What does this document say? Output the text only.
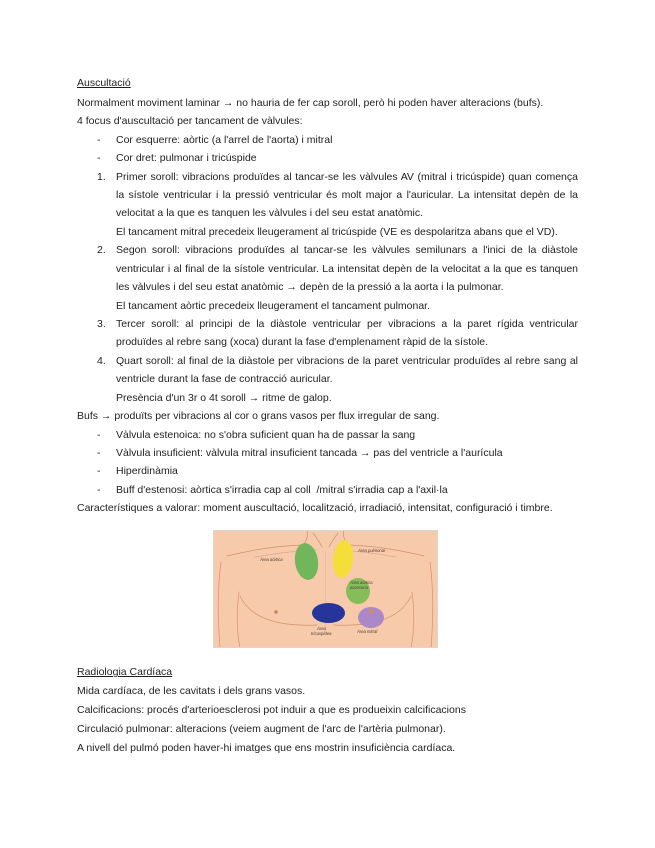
Auscultació
Normalment moviment laminar → no hauria de fer cap soroll, però hi poden haver alteracions (bufs).
4 focus d'auscultació per tancament de vàlvules:
-	Cor esquerre: aòrtic (a l'arrel de l'aorta) i mitral
-	Cor dret: pulmonar i tricúspide
1. Primer soroll: vibracions produïdes al tancar-se les vàlvules AV (mitral i tricúspide) quan comença
la sístole ventricular i la pressió ventricular és molt major a l'auricular. La intensitat depèn de la
velocitat a la que es tanquen les vàlvules i del seu estat anatòmic.
El tancament mitral precedeix lleugerament al tricúspide (VE es despolaritza abans que el VD).
2. Segon soroll: vibracions produïdes al tancar-se les vàlvules semilunars a l'inici de la diàstole
ventricular i al final de la sístole ventricular. La intensitat depèn de la velocitat a la que es tanquen
les vàlvules i del seu estat anatòmic → depèn de la pressió a la aorta i la pulmonar.
El tancament aòrtic precedeix lleugerament el tancament pulmonar.
3. Tercer soroll: al principi de la diàstole ventricular per vibracions a la paret rígida ventricular
produïdes al rebre sang (xoca) durant la fase d'emplenament ràpid de la sístole.
4. Quart soroll: al final de la diàstole per vibracions de la paret ventricular produïdes al rebre sang al
ventricle durant la fase de contracció auricular.
Presència d'un 3r o 4t soroll → ritme de galop.
Bufs → produïts per vibracions al cor o grans vasos per flux irregular de sang.
-	Vàlvula estenoica: no s'obra suficient quan ha de passar la sang
-	Vàlvula insuficient: vàlvula mitral insuficient tancada → pas del ventricle a l'aurícula
-	Hiperdinàmia
-	Buff d'estenosi: aòrtica s'irradia cap al coll  /mitral s'irradia cap a l'axil·la
Característiques a valorar: moment auscultació, localització, irradiació, intensitat, configuració i timbre.
Área aórtica
Área pulmonar
Área aórtica
accesoria
Área
tricuspídea	Área mitral
Radiologia Cardíaca
Mida cardíaca, de les cavitats i dels grans vasos.
Calcificacions: procés d'arterioesclerosi pot induir a que es produeixin calcificacions
Circulació pulmonar: alteracions (veiem augment de l'arc de l'artèria pulmonar).
A nivell del pulmó poden haver-hi imatges que ens mostrin insuficiència cardíaca.
